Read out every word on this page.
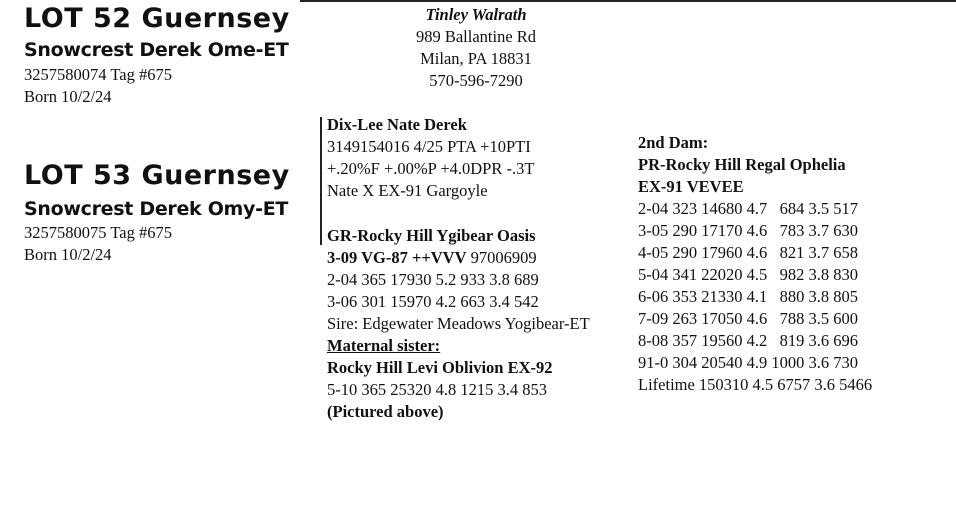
LOT 52 Guernsey
Snowcrest Derek Ome-ET
3257580074 Tag #675
Born 10/2/24
LOT 53 Guernsey
Snowcrest Derek Omy-ET
3257580075 Tag #675
Born 10/2/24
Tinley Walrath
989 Ballantine Rd
Milan, PA 18831
570-596-7290
Dix-Lee Nate Derek
3149154016 4/25 PTA +10PTI
+.20%F +.00%P +4.0DPR -.3T
Nate X EX-91 Gargoyle
GR-Rocky Hill Ygibear Oasis
3-09 VG-87 ++VVV 97006909
2-04 365 17930 5.2 933 3.8 689
3-06 301 15970 4.2 663 3.4 542
Sire: Edgewater Meadows Yogibear-ET
Maternal sister:
Rocky Hill Levi Oblivion EX-92
5-10 365 25320 4.8 1215 3.4 853
(Pictured above)
2nd Dam:
PR-Rocky Hill Regal Ophelia
EX-91 VEVEE
2-04 323 14680 4.7   684 3.5 517
3-05 290 17170 4.6   783 3.7 630
4-05 290 17960 4.6   821 3.7 658
5-04 341 22020 4.5   982 3.8 830
6-06 353 21330 4.1   880 3.8 805
7-09 263 17050 4.6   788 3.5 600
8-08 357 19560 4.2   819 3.6 696
91-0 304 20540 4.9 1000 3.6 730
Lifetime 150310 4.5 6757 3.6 5466
